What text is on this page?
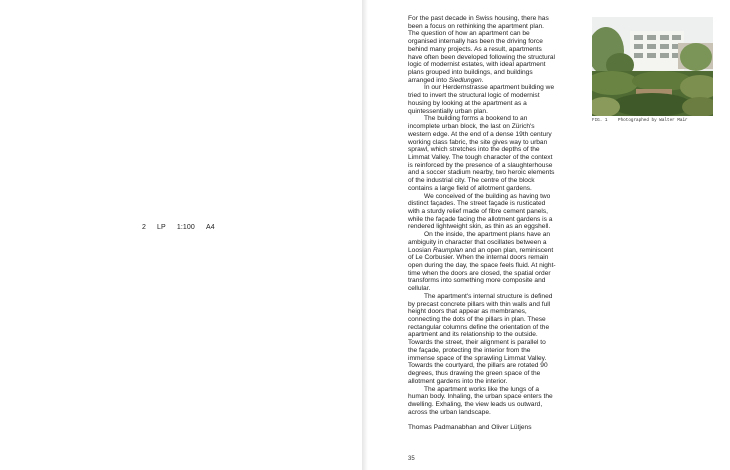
2 LP 1:100 A4

For the past decade in Swiss housing, there has been a focus on rethinking the apartment plan. The question of how an apartment can be organised internally has been the driving force behind many projects. As a result, apartments have often been developed following the structural logic of modernist estates, with ideal apartment plans grouped into buildings, and buildings arranged into Siedlungen.

In our Herdernstrasse apartment building we tried to invert the structural logic of modernist housing by looking at the apartment as a quintessentially urban plan.

The building forms a bookend to an incomplete urban block, the last on Zürich's western edge. At the end of a dense 19th century working class fabric, the site gives way to urban sprawl, which stretches into the depths of the Limmat Valley. The tough character of the context is reinforced by the presence of a slaughterhouse and a soccer stadium nearby, two heroic elements of the industrial city. The centre of the block contains a large field of allotment gardens.

We conceived of the building as having two distinct façades. The street façade is rusticated with a sturdy relief made of fibre cement panels, while the façade facing the allotment gardens is a rendered lightweight skin, as thin as an eggshell.

On the inside, the apartment plans have an ambiguity in character that oscillates between a Loosian Raumplan and an open plan, reminiscent of Le Corbusier. When the internal doors remain open during the day, the space feels fluid. At night-time when the doors are closed, the spatial order transforms into something more composite and cellular.

The apartment's internal structure is defined by precast concrete pillars with thin walls and full height doors that appear as membranes, connecting the dots of the pillars in plan. These rectangular columns define the orientation of the apartment and its relationship to the outside. Towards the street, their alignment is parallel to the façade, protecting the interior from the immense space of the sprawling Limmat Valley. Towards the courtyard, the pillars are rotated 90 degrees, thus drawing the green space of the allotment gardens into the interior.

The apartment works like the lungs of a human body. Inhaling, the urban space enters the dwelling. Exhaling, the view leads us outward, across the urban landscape.

Thomas Padmanabhan and Oliver Lütjens

FIG. 1 Photographed by Walter Mair
35
